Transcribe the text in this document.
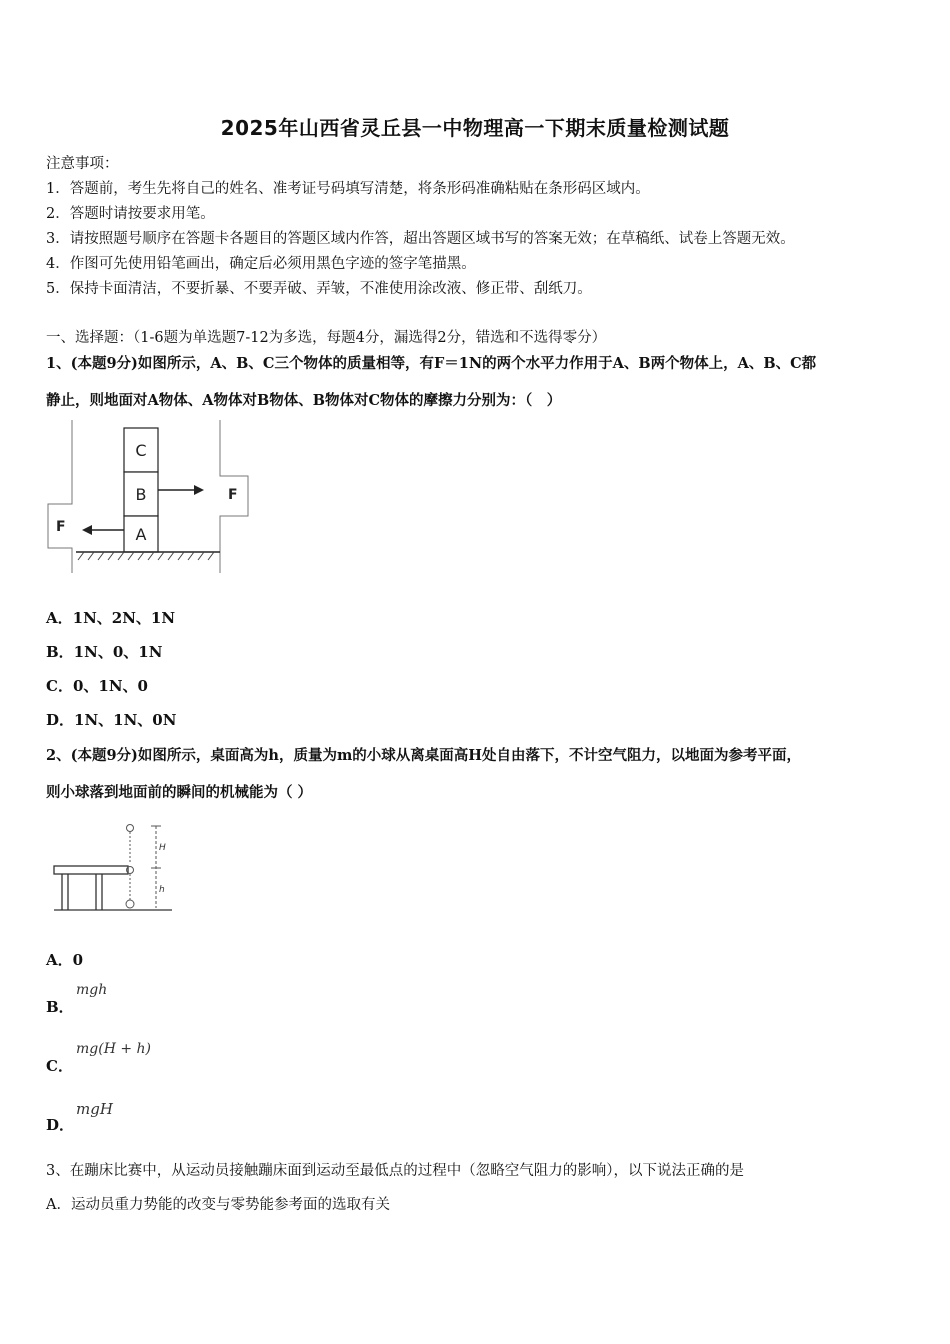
2025年山西省灵丘县一中物理高一下期末质量检测试题
注意事项：
1．答题前，考生先将自己的姓名、准考证号码填写清楚，将条形码准确粘贴在条形码区域内。
2．答题时请按要求用笔。
3．请按照题号顺序在答题卡各题目的答题区域内作答，超出答题区域书写的答案无效；在草稿纸、试卷上答题无效。
4．作图可先使用铅笔画出，确定后必须用黑色字迹的签字笔描黑。
5．保持卡面清洁，不要折暴、不要弄破、弄皱，不准使用涂改液、修正带、刮纸刀。
一、选择题：（1-6题为单选题7-12为多选，每题4分，漏选得2分，错选和不选得零分）
1、(本题9分)如图所示，A、B、C三个物体的质量相等，有F＝1N的两个水平力作用于A、B两个物体上，A、B、C都
静止，则地面对A物体、A物体对B物体、B物体对C物体的摩擦力分别为：（　）
C
B
A
F
F
A．1N、2N、1N
B．1N、0、1N
C．0、1N、0
D．1N、1N、0N
2、(本题9分)如图所示，桌面高为h，质量为m的小球从离桌面高H处自由落下，不计空气阻力，以地面为参考平面，
则小球落到地面前的瞬间的机械能为（ ）
H
h
A．0
mgh
B．
mg(H + h)
C．
mgH
D．
3、在蹦床比赛中，从运动员接触蹦床面到运动至最低点的过程中（忽略空气阻力的影响），以下说法正确的是
A．运动员重力势能的改变与零势能参考面的选取有关
